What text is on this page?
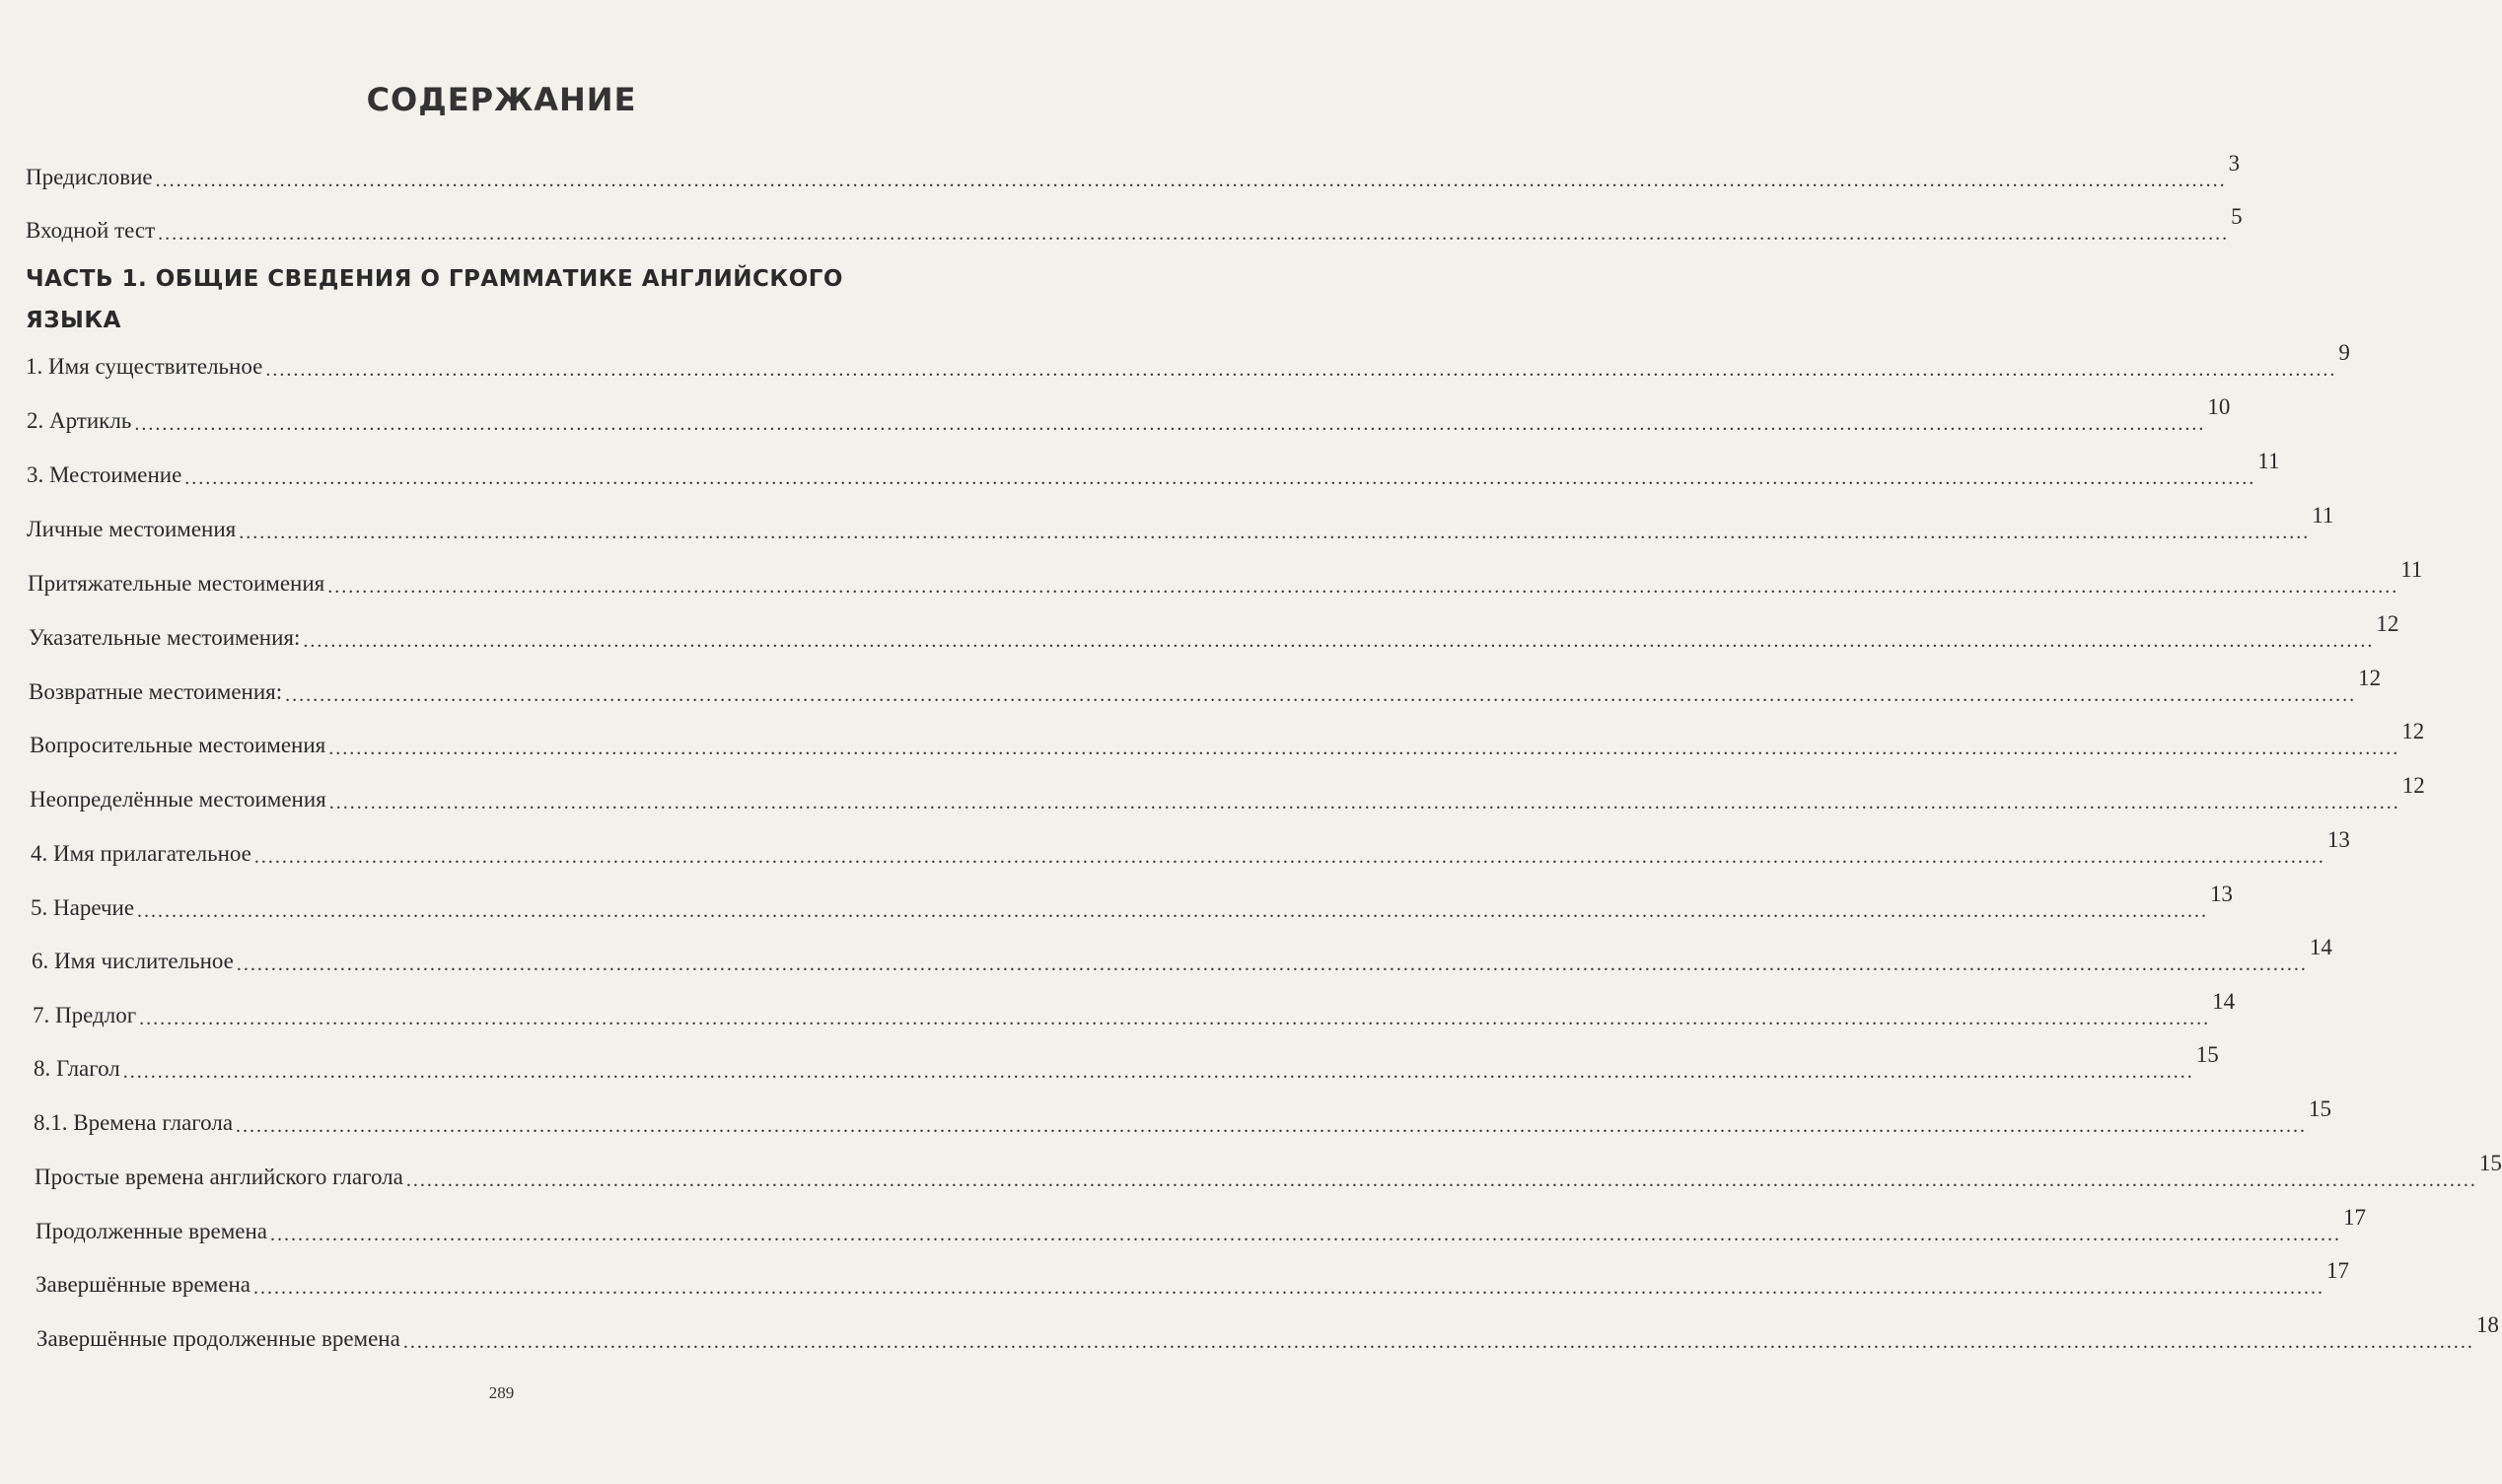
СОДЕРЖАНИЕ
Предисловие ............................................................................................................................................................................................................................................................................................................
3
Входной тест ............................................................................................................................................................................................................................................................................................................
5
ЧАСТЬ 1. ОБЩИЕ СВЕДЕНИЯ О ГРАММАТИКЕ АНГЛИЙСКОГО ЯЗЫКА
1. Имя существительное ............................................................................................................................................................................................................................................................................................................
9
2. Артикль ............................................................................................................................................................................................................................................................................................................
10
3. Местоимение ............................................................................................................................................................................................................................................................................................................
11
Личные местоимения ............................................................................................................................................................................................................................................................................................................
11
Притяжательные местоимения ............................................................................................................................................................................................................................................................................................................
11
Указательные местоимения: ............................................................................................................................................................................................................................................................................................................
12
Возвратные местоимения: ............................................................................................................................................................................................................................................................................................................
12
Вопросительные местоимения ............................................................................................................................................................................................................................................................................................................
12
Неопределённые местоимения ............................................................................................................................................................................................................................................................................................................
12
4. Имя прилагательное ............................................................................................................................................................................................................................................................................................................
13
5. Наречие ............................................................................................................................................................................................................................................................................................................
13
6. Имя числительное ............................................................................................................................................................................................................................................................................................................
14
7. Предлог ............................................................................................................................................................................................................................................................................................................
14
8. Глагол ............................................................................................................................................................................................................................................................................................................
15
8.1. Времена глагола ............................................................................................................................................................................................................................................................................................................
15
Простые времена английского глагола ............................................................................................................................................................................................................................................................................................................
15
Продолженные времена ............................................................................................................................................................................................................................................................................................................
17
Завершённые времена ............................................................................................................................................................................................................................................................................................................
17
Завершённые продолженные времена ............................................................................................................................................................................................................................................................................................................
18
289
